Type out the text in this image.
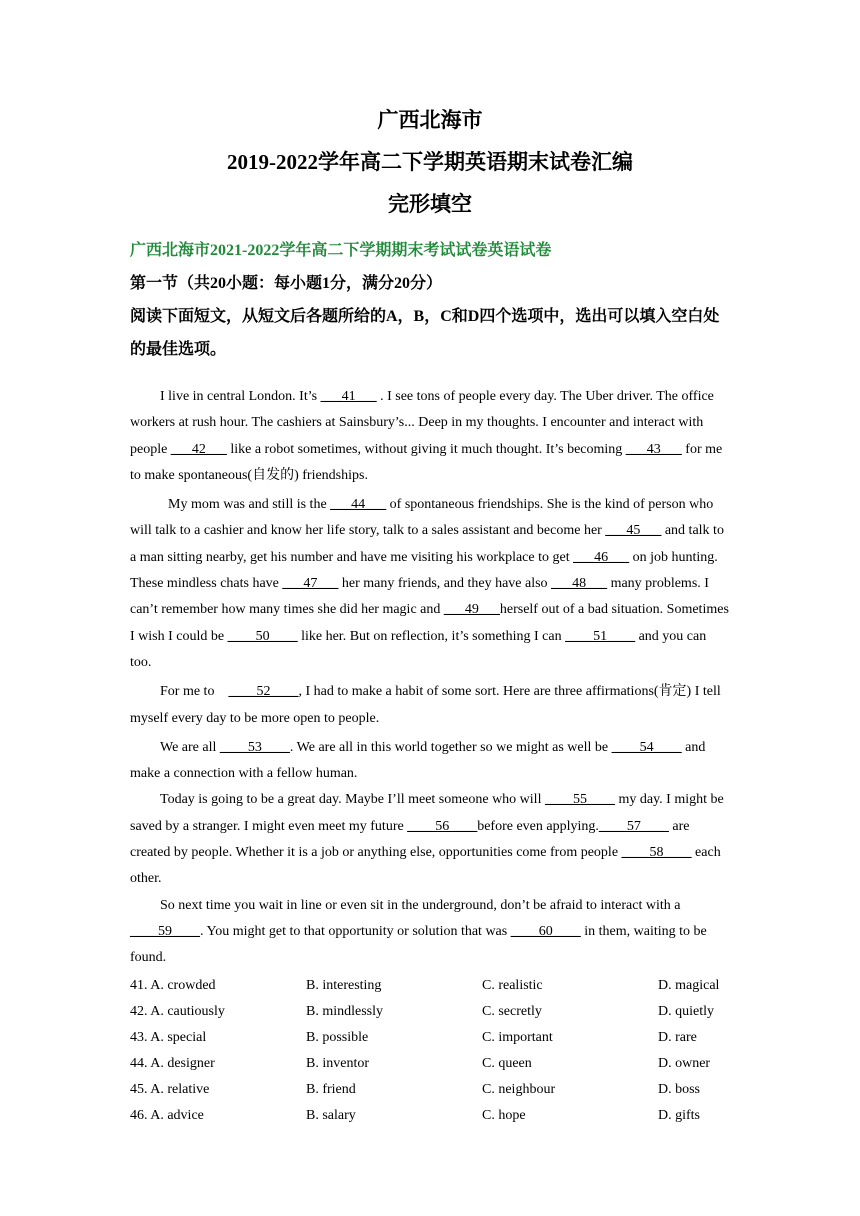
广西北海市
2019-2022学年高二下学期英语期末试卷汇编
完形填空
广西北海市2021-2022学年高二下学期期末考试试卷英语试卷
第一节（共20小题：每小题1分，满分20分）
阅读下面短文，从短文后各题所给的A，B，C和D四个选项中，选出可以填入空白处的最佳选项。

I live in central London. It’s ___41___ . I see tons of people every day. The Uber driver. The office workers at rush hour. The cashiers at Sainsbury’s... Deep in my thoughts. I encounter and interact with people ___42___ like a robot sometimes, without giving it much thought. It’s becoming ___43___ for me to make spontaneous(自发的) friendships.

My mom was and still is the ___44___ of spontaneous friendships. She is the kind of person who will talk to a cashier and know her life story, talk to a sales assistant and become her ___45___ and talk to a man sitting nearby, get his number and have me visiting his workplace to get ___46___ on job hunting. These mindless chats have ___47___ her many friends, and they have also ___48___ many problems. I can’t remember how many times she did her magic and ___49___herself out of a bad situation. Sometimes I wish I could be ____50____ like her. But on reflection, it’s something I can ____51____ and you can too.

For me to    ____52____, I had to make a habit of some sort. Here are three affirmations(肯定) I tell myself every day to be more open to people.

We are all ____53____. We are all in this world together so we might as well be ____54____ and make a connection with a fellow human.

Today is going to be a great day. Maybe I’ll meet someone who will ____55____ my day. I might be saved by a stranger. I might even meet my future ____56____before even applying.____57____ are created by people. Whether it is a job or anything else, opportunities come from people ____58____ each other.

So next time you wait in line or even sit in the underground, don’t be afraid to interact with a ____59____. You might get to that opportunity or solution that was ____60____ in them, waiting to be found.

41. A. crowded	B. interesting	C. realistic	D. magical
42. A. cautiously	B. mindlessly	C. secretly	D. quietly
43. A. special	B. possible	C. important	D. rare
44. A. designer	B. inventor	C. queen	D. owner
45. A. relative	B. friend	C. neighbour	D. boss
46. A. advice	B. salary	C. hope	D. gifts
